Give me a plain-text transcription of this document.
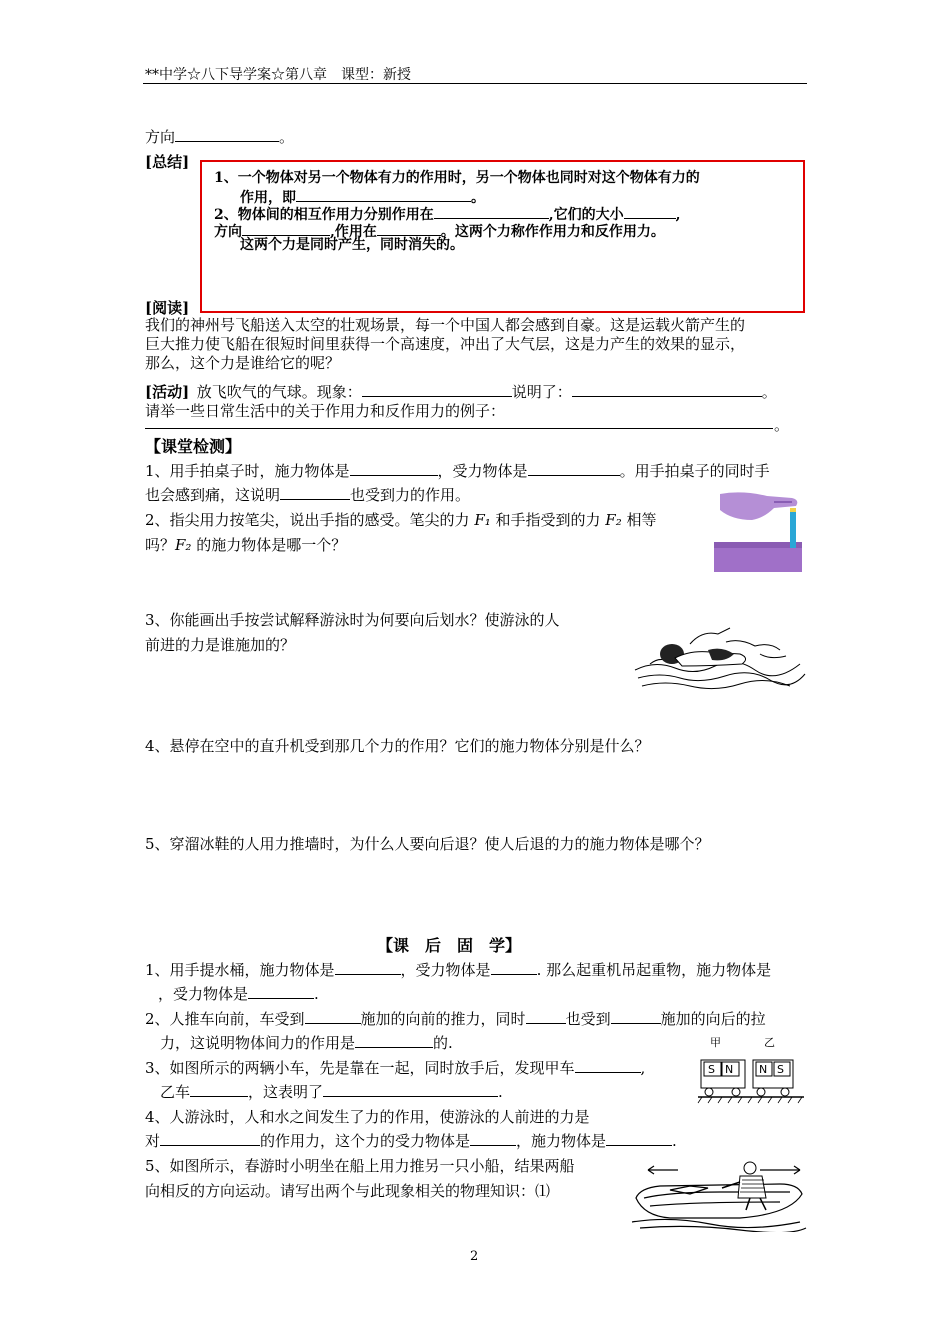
**中学☆八下导学案☆第八章　课型：新授
方向	。
[总结]
1、一个物体对另一个物体有力的作用时，另一个物体也同时对这个物体有力的
作用，即	。
2、物体间的相互作用力分别作用在	,它们的大小	,
方向	,作用在	。这两个力称作作用力和反作用力。
这两个力是同时产生，同时消失的。
[阅读]
我们的神州号飞船送入太空的壮观场景，每一个中国人都会感到自豪。这是运载火箭产生的
巨大推力使飞船在很短时间里获得一个高速度，冲出了大气层，这是力产生的效果的显示，
那么，这个力是谁给它的呢？
[活动]  放飞吹气的气球。现象：	说明了：	。
请举一些日常生活中的关于作用力和反作用力的例子：
。
【课堂检测】
1、用手拍桌子时，施力物体是	，受力物体是	。用手拍桌子的同时手
也会感到痛，这说明	也受到力的作用。
2、指尖用力按笔尖，说出手指的感受。笔尖的力 F₁ 和手指受到的力 F₂ 相等
吗？F₂ 的施力物体是哪一个？
3、你能画出手按尝试解释游泳时为何要向后划水？使游泳的人
前进的力是谁施加的？
4、悬停在空中的直升机受到那几个力的作用？它们的施力物体分别是什么？
5、穿溜冰鞋的人用力推墙时，为什么人要向后退？使人后退的力的施力物体是哪个？
【课　后　固　学】
1、用手提水桶，施力物体是	，受力物体是	. 那么起重机吊起重物，施力物体是
，受力物体是	.
2、人推车向前，车受到	施加的向前的推力，同时	也受到	施加的向后的拉
力，这说明物体间力的作用是	的.
3、如图所示的两辆小车，先是靠在一起，同时放手后，发现甲车	,
乙车	，这表明了	.
甲	乙
S N N S
4、人游泳时，人和水之间发生了力的作用，使游泳的人前进的力是
对	的作用力，这个力的受力物体是	，施力物体是	.
5、如图所示，春游时小明坐在船上用力推另一只小船，结果两船
向相反的方向运动。请写出两个与此现象相关的物理知识：⑴
2
